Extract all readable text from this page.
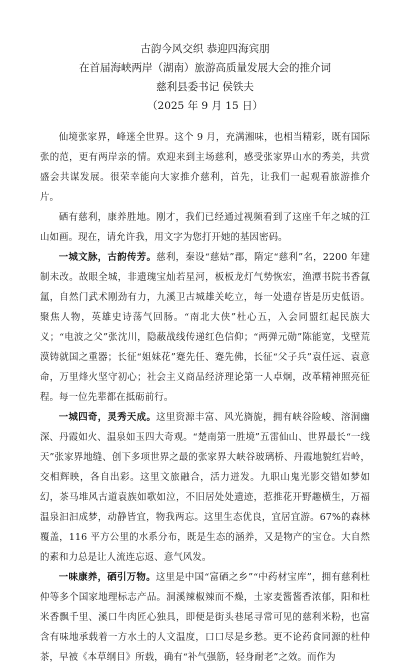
古韵今风交织 恭迎四海宾朋
在首届海峡两岸（湖南）旅游高质量发展大会的推介词
慈利县委书记 侯铁夫
（2025 年 9 月 15 日）

仙境张家界，峰迷全世界。这个 9 月，充满湘味，也相当精彩，既有国际张的范，更有两岸亲的情。欢迎来到主场慈利，感受张家界山水的秀美，共赏盛会共谋发展。很荣幸能向大家推介慈利，首先，让我们一起观看旅游推介片。

硒有慈利，康养胜地。刚才，我们已经通过视频看到了这座千年之城的江山如画。现在，请允许我，用文字为您打开她的基因密码。

一城文脉，古韵传芳。慈利，秦设“慈姑”郡，隋定“慈利”名，2200 年建制未改。故眼全城，非遗瑰宝灿若星河，板板龙灯气势恢宏，渔潭书院书香氤氲，自然门武术刚劲有力，九溪卫古城雄关屹立，每一处遗存皆是历史低语。聚焦人物，英雄史诗荡气回肠。“南北大侠”杜心五，入会同盟红起民族大义；“电波之父”张沈川，隐蔽战线传递红色信仰；“两弹元勋”陈能宽，戈壁荒漠铸就国之重器；长征“姐妹花”蹇先任、蹇先佛，长征“父子兵”袁任远、袁意命，万里烽火坚守初心；社会主义商品经济理论第一人卓炯，改革精神照亮征程。每一位先辈都在抵砺前行。

一城四奇，灵秀天成。这里资源丰富、风光旖旎，拥有峡谷险峻、溶洞幽深、丹霞如火、温泉如玉四大奇观。“楚南第一胜境”五雷仙山、世界最长“一线天”张家界地缝、创下多项世界之最的张家界大峡谷玻璃桥、丹霞地貌红岩岭，交相辉映，各自出彩。这里文旅融合，活力迸发。九职山鬼光影交错如梦如幻，茶马堆风古道袁族如歌如泣，不旧居处处遗迹，惹推花开野趣横生，万福温泉汩汩成梦，动静皆宜，物我两忘。这里生态优良，宜居宜游。67%的森林覆盖，116 平方公里的水系分布，既是生态的涵养，又是物产的宝仓。大自然的素和力总是让人流连忘返、意气风发。

一味康养，硒引万物。这里是中国“富硒之乡”“中药材宝库”，拥有慈利杜仲等多个国家地理标志产品。洞溪辣椒辣而不燥，土家麦酱酱香浓郁，阳和杜米香飘千里、溪口牛肉匠心独具，即便是街头巷尾寻常可见的慈利米粉，也富含有味地承载着一方水土的人文温度，口口尽是乡愁。更不论药食同源的杜仲茶，早被《本草纲目》所载，确有“补气强筋，轻身耐老”之效。而作为
